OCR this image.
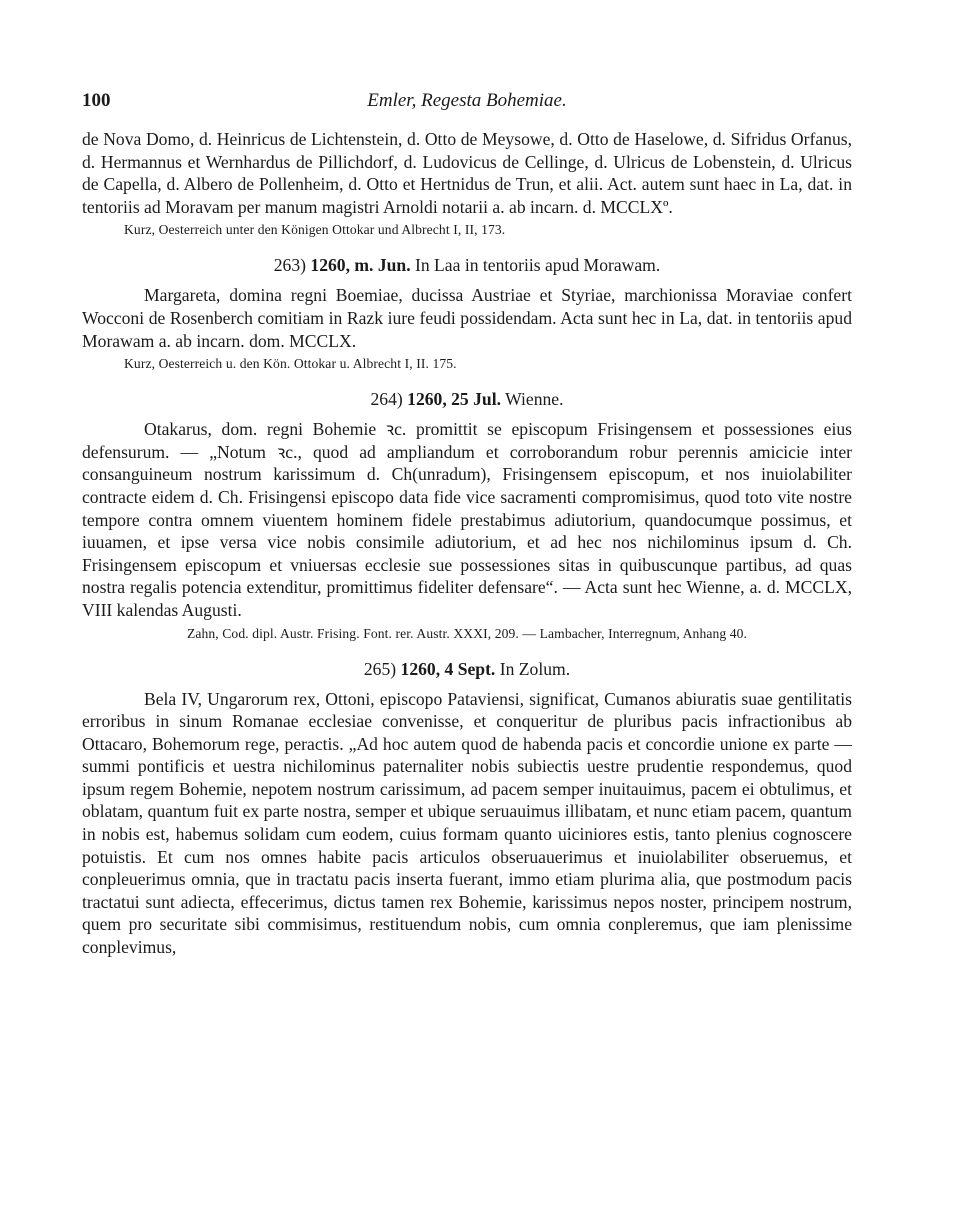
100	Emler, Regesta Bohemiae.

de Nova Domo, d. Heinricus de Lichtenstein, d. Otto de Meysowe, d. Otto de Haselowe, d. Sifridus Orfanus, d. Hermannus et Wernhardus de Pillichdorf, d. Ludovicus de Cellinge, d. Ulricus de Lobenstein, d. Ulricus de Capella, d. Albero de Pollenheim, d. Otto et Hertnidus de Trun, et alii. Act. autem sunt haec in La, dat. in tentoriis ad Moravam per manum magistri Arnoldi notarii a. ab incarn. d. MCCLXº.

Kurz, Oesterreich unter den Königen Ottokar und Albrecht I, II, 173.

263) 1260, m. Jun. In Laa in tentoriis apud Morawam.

Margareta, domina regni Boemiae, ducissa Austriae et Styriae, marchionissa Moraviae confert Wocconi de Rosenberch comitiam in Razk iure feudi possidendam. Acta sunt hec in La, dat. in tentoriis apud Morawam a. ab incarn. dom. MCCLX.

Kurz, Oesterreich u. den Kön. Ottokar u. Albrecht I, II. 175.

264) 1260, 25 Jul. Wienne.

Otakarus, dom. regni Bohemie ꝛc. promittit se episcopum Frisingensem et possessiones eius defensurum. — „Notum ꝛc., quod ad ampliandum et corroborandum robur perennis amicicie inter consanguineum nostrum karissimum d. Ch(unradum), Frisingensem episcopum, et nos inuiolabiliter contracte eidem d. Ch. Frisingensi episcopo data fide vice sacramenti compromisimus, quod toto vite nostre tempore contra omnem viuentem hominem fidele prestabimus adiutorium, quandocumque possimus, et iuuamen, et ipse versa vice nobis consimile adiutorium, et ad hec nos nichilominus ipsum d. Ch. Frisingensem episcopum et vniuersas ecclesie sue possessiones sitas in quibuscunque partibus, ad quas nostra regalis potencia extenditur, promittimus fideliter defensare“. — Acta sunt hec Wienne, a. d. MCCLX, VIII kalendas Augusti.

Zahn, Cod. dipl. Austr. Frising. Font. rer. Austr. XXXI, 209. — Lambacher, Interregnum, Anhang 40.

265) 1260, 4 Sept. In Zolum.

Bela IV, Ungarorum rex, Ottoni, episcopo Pataviensi, significat, Cumanos abiuratis suae gentilitatis erroribus in sinum Romanae ecclesiae convenisse, et conqueritur de pluribus pacis infractionibus ab Ottacaro, Bohemorum rege, peractis. „Ad hoc autem quod de habenda pacis et concordie unione ex parte — summi pontificis et uestra nichilominus paternaliter nobis subiectis uestre prudentie respondemus, quod ipsum regem Bohemie, nepotem nostrum carissimum, ad pacem semper inuitauimus, pacem ei obtulimus, et oblatam, quantum fuit ex parte nostra, semper et ubique seruauimus illibatam, et nunc etiam pacem, quantum in nobis est, habemus solidam cum eodem, cuius formam quanto uiciniores estis, tanto plenius cognoscere potuistis. Et cum nos omnes habite pacis articulos obseruauerimus et inuiolabiliter obseruemus, et conpleuerimus omnia, que in tractatu pacis inserta fuerant, immo etiam plurima alia, que postmodum pacis tractatui sunt adiecta, effecerimus, dictus tamen rex Bohemie, karissimus nepos noster, principem nostrum, quem pro securitate sibi commisimus, restituendum nobis, cum omnia conpleremus, que iam plenissime conplevimus,
